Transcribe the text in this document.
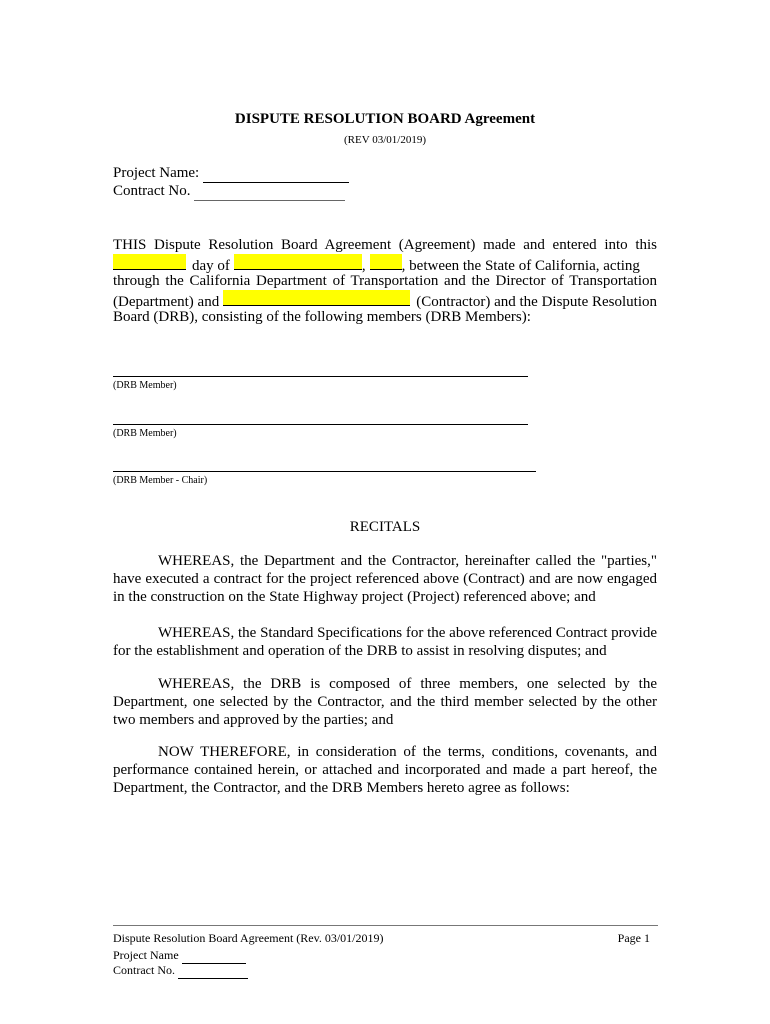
DISPUTE RESOLUTION BOARD Agreement
(REV 03/01/2019)
Project Name:
Contract No.
THIS Dispute Resolution Board Agreement (Agreement) made and entered into this
day of	, , between the State of California, acting
through the California Department of Transportation and the Director of Transportation
(Department) and	(Contractor) and the Dispute Resolution
Board (DRB), consisting of the following members (DRB Members):
(DRB Member)
(DRB Member)
(DRB Member - Chair)
RECITALS

WHEREAS, the Department and the Contractor, hereinafter called the "parties," have executed a contract for the project referenced above (Contract) and are now engaged in the construction on the State Highway project (Project) referenced above; and

WHEREAS, the Standard Specifications for the above referenced Contract provide for the establishment and operation of the DRB to assist in resolving disputes; and

WHEREAS, the DRB is composed of three members, one selected by the Department, one selected by the Contractor, and the third member selected by the other two members and approved by the parties; and

NOW THEREFORE, in consideration of the terms, conditions, covenants, and performance contained herein, or attached and incorporated and made a part hereof, the Department, the Contractor, and the DRB Members hereto agree as follows:

Dispute Resolution Board Agreement (Rev. 03/01/2019)	Page 1
Project Name
Contract No.
